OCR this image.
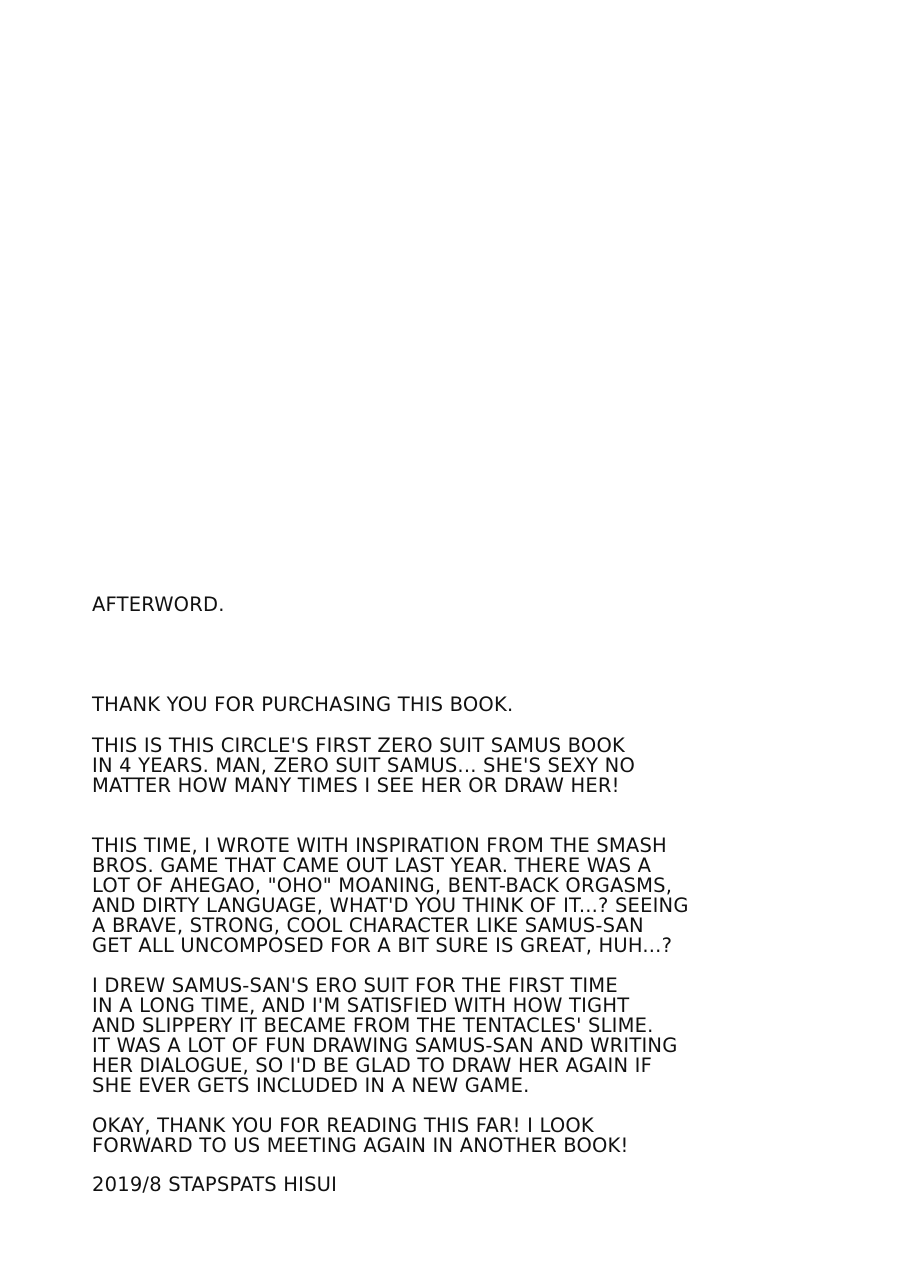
AFTERWORD.

THANK YOU FOR PURCHASING THIS BOOK.

THIS IS THIS CIRCLE'S FIRST ZERO SUIT SAMUS BOOK
IN 4 YEARS. MAN, ZERO SUIT SAMUS... SHE'S SEXY NO
MATTER HOW MANY TIMES I SEE HER OR DRAW HER!
THIS TIME, I WROTE WITH INSPIRATION FROM THE SMASH
BROS. GAME THAT CAME OUT LAST YEAR. THERE WAS A
LOT OF AHEGAO, "OHO" MOANING, BENT-BACK ORGASMS,
AND DIRTY LANGUAGE, WHAT'D YOU THINK OF IT...? SEEING
A BRAVE, STRONG, COOL CHARACTER LIKE SAMUS-SAN
GET ALL UNCOMPOSED FOR A BIT SURE IS GREAT, HUH...?
I DREW SAMUS-SAN'S ERO SUIT FOR THE FIRST TIME
IN A LONG TIME, AND I'M SATISFIED WITH HOW TIGHT
AND SLIPPERY IT BECAME FROM THE TENTACLES' SLIME.
IT WAS A LOT OF FUN DRAWING SAMUS-SAN AND WRITING
HER DIALOGUE, SO I'D BE GLAD TO DRAW HER AGAIN IF
SHE EVER GETS INCLUDED IN A NEW GAME.
OKAY, THANK YOU FOR READING THIS FAR! I LOOK
FORWARD TO US MEETING AGAIN IN ANOTHER BOOK!

2019/8 STAPSPATS HISUI
